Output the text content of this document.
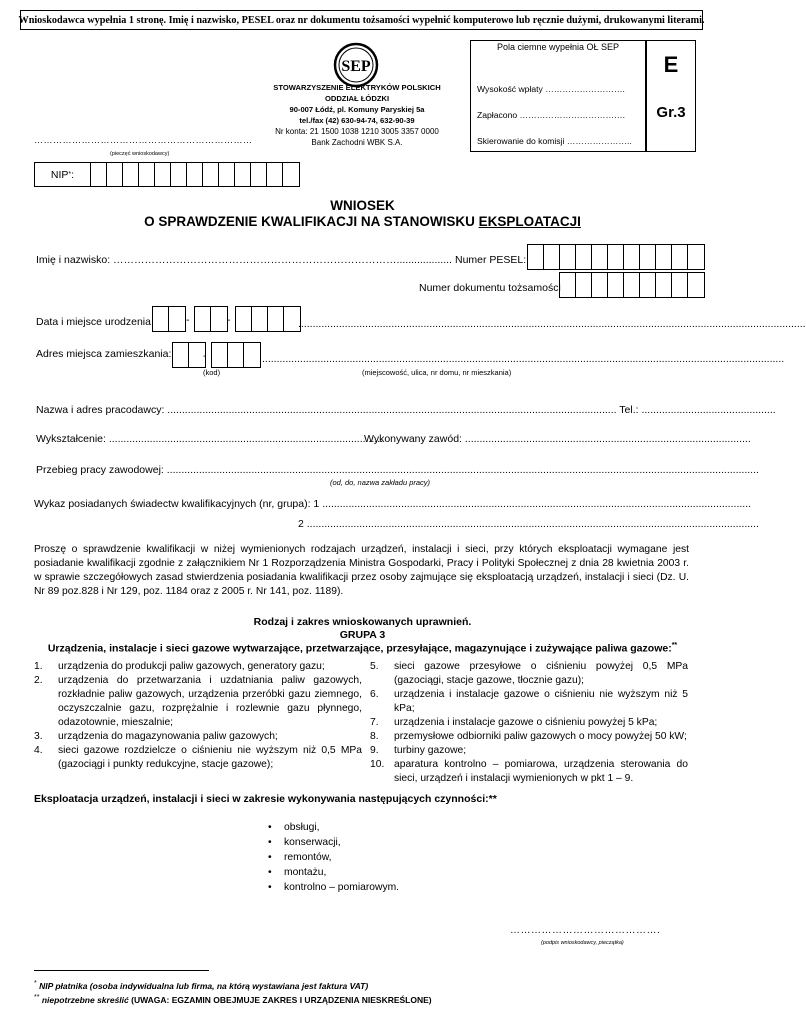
Wnioskodawca wypełnia 1 stronę. Imię i nazwisko, PESEL oraz nr dokumentu tożsamości wypełnić komputerowo lub ręcznie dużymi, drukowanymi literami.
SEP
STOWARZYSZENIE ELEKTRYKÓW POLSKICH
ODDZIAŁ ŁÓDZKI
90-007 Łódź, pl. Komuny Paryskiej 5a
tel./fax (42) 630-94-74, 632-90-39
Nr konta: 21 1500 1038 1210 3005 3357 0000
Bank Zachodni WBK S.A.
……………………………………………………………
(pieczęć wnioskodawcy)
Pola ciemne wypełnia OŁ SEP
Wysokość wpłaty ……………………….
Zapłacono ……………………………….
Skierowanie do komisji …………………..
E
Gr.3
NIP * :
WNIOSEK
O SPRAWDZENIE KWALIFIKACJI NA STANOWISKU EKSPLOATACJI
Imię i nazwisko: ………………………………………………………………………................... Numer PESEL:
Numer dokumentu tożsamości
Data i miejsce urodzenia:	-	-	..............................................................................................................................................................................
Adres miejsca zamieszkania:	-	...................................................................................................................................................................................
(kod)	(miejscowość, ulica, nr domu, nr mieszkania)
Nazwa i adres pracodawcy: .......................................................................................................................................................... Tel.: ..............................................
Wykształcenie: ..............................................................................................
Wykonywany zawód: ..................................................................................................
Przebieg pracy zawodowej: ...........................................................................................................................................................................................................
(od, do, nazwa zakładu pracy)
Wykaz posiadanych świadectw kwalifikacyjnych (nr, grupa): 1 ...................................................................................................................................................
2 ...........................................................................................................................................................
Proszę o sprawdzenie kwalifikacji w niżej wymienionych rodzajach urządzeń, instalacji i sieci, przy których eksploatacji wymagane jest posiadanie kwalifikacji zgodnie z załącznikiem Nr 1 Rozporządzenia Ministra Gospodarki, Pracy i Polityki Społecznej z dnia 28 kwietnia 2003 r. w sprawie szczegółowych zasad stwierdzenia posiadania kwalifikacji przez osoby zajmujące się eksploatacją urządzeń, instalacji i sieci (Dz. U. Nr 89 poz.828 i Nr 129, poz. 1184 oraz z 2005 r. Nr 141, poz. 1189).
Rodzaj i zakres wnioskowanych uprawnień.
GRUPA 3
Urządzenia, instalacje i sieci gazowe wytwarzające, przetwarzające, przesyłające, magazynujące i zużywające paliwa gazowe:**
1.	urządzenia do produkcji paliw gazowych, generatory gazu;
2.	urządzenia do przetwarzania i uzdatniania paliw gazowych, rozkładnie paliw gazowych, urządzenia przeróbki gazu ziemnego, oczyszczalnie gazu, rozprężalnie i rozlewnie gazu płynnego, odazotownie, mieszalnie;
3.	urządzenia do magazynowania paliw gazowych;
4.	sieci gazowe rozdzielcze o ciśnieniu nie wyższym niż 0,5 MPa (gazociągi i punkty redukcyjne, stacje gazowe);
5.	sieci gazowe przesyłowe o ciśnieniu powyżej 0,5 MPa (gazociągi, stacje gazowe, tłocznie gazu);
6.	urządzenia i instalacje gazowe o ciśnieniu nie wyższym niż 5 kPa;
7.	urządzenia i instalacje gazowe o ciśnieniu powyżej 5 kPa;
8.	przemysłowe odbiorniki paliw gazowych o mocy powyżej 50 kW;
9.	turbiny gazowe;
10. aparatura kontrolno – pomiarowa, urządzenia sterowania do sieci, urządzeń i instalacji wymienionych w pkt 1 – 9.
Eksploatacja urządzeń, instalacji i sieci w zakresie wykonywania następujących czynności:**
•	obsługi,
•	konserwacji,
•	remontów,
•	montażu,
•	kontrolno – pomiarowym.
…………………………………….
(podpis wnioskodawcy, pieczątka)
* NIP płatnika (osoba indywidualna lub firma, na którą wystawiana jest faktura VAT)
** niepotrzebne skreślić (UWAGA: EGZAMIN OBEJMUJE ZAKRES I URZĄDZENIA NIESKREŚLONE)
